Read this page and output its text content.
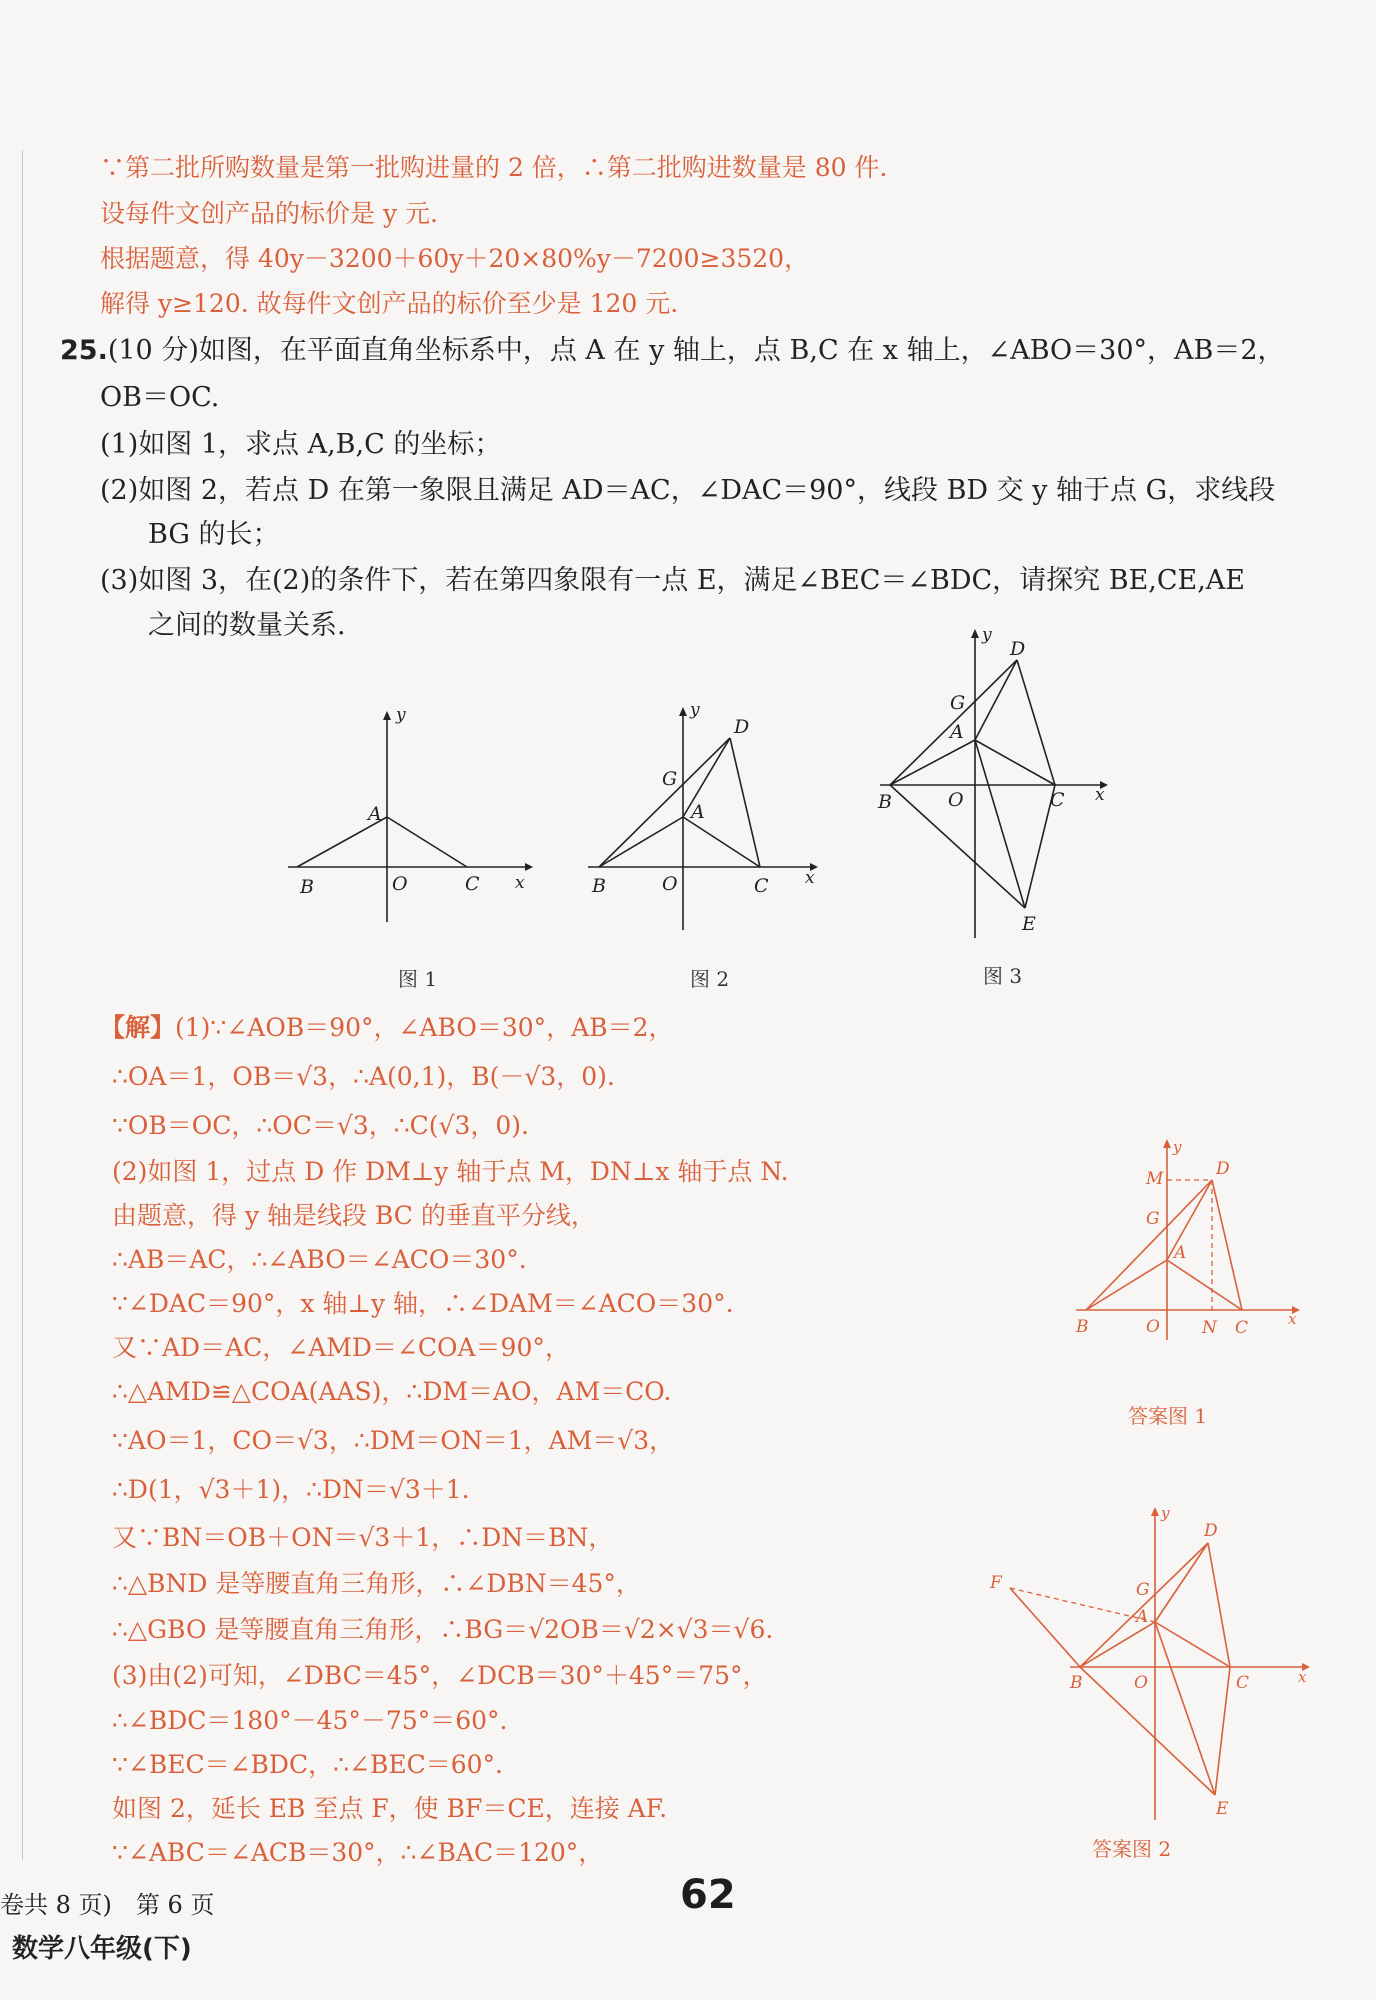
∵第二批所购数量是第一批购进量的 2 倍，∴第二批购进数量是 80 件.
设每件文创产品的标价是 y 元.
根据题意，得 40y－3200＋60y＋20×80%y－7200≥3520，
解得 y≥120. 故每件文创产品的标价至少是 120 元.
25.(10 分)如图，在平面直角坐标系中，点 A 在 y 轴上，点 B,C 在 x 轴上，∠ABO＝30°，AB＝2，
OB＝OC.
(1)如图 1，求点 A,B,C 的坐标；
(2)如图 2，若点 D 在第一象限且满足 AD＝AC，∠DAC＝90°，线段 BD 交 y 轴于点 G，求线段
BG 的长；
(3)如图 3，在(2)的条件下，若在第四象限有一点 E，满足∠BEC＝∠BDC，请探究 BE,CE,AE
之间的数量关系.
y
x
A
B	O	C
图 1
y
x
D
G
A
B	O	C
图 2
y
x
D
G
A
B	O	C
E
图 3
【解】(1)∵∠AOB＝90°，∠ABO＝30°，AB＝2，
∴OA＝1，OB＝√3，∴A(0,1)，B(－√3，0).
∵OB＝OC，∴OC＝√3，∴C(√3，0).
(2)如图 1，过点 D 作 DM⊥y 轴于点 M，DN⊥x 轴于点 N.
由题意，得 y 轴是线段 BC 的垂直平分线，
∴AB＝AC，∴∠ABO＝∠ACO＝30°.
∵∠DAC＝90°，x 轴⊥y 轴，∴∠DAM＝∠ACO＝30°.
又∵AD＝AC，∠AMD＝∠COA＝90°，
∴△AMD≌△COA(AAS)，∴DM＝AO，AM＝CO.
∵AO＝1，CO＝√3，∴DM＝ON＝1，AM＝√3，
∴D(1，√3＋1)，∴DN＝√3＋1.
又∵BN＝OB＋ON＝√3＋1，∴DN＝BN，
∴△BND 是等腰直角三角形，∴∠DBN＝45°，
∴△GBO 是等腰直角三角形，∴BG＝√2OB＝√2×√3＝√6.
(3)由(2)可知，∠DBC＝45°，∠DCB＝30°＋45°＝75°，
∴∠BDC＝180°－45°－75°＝60°.
∵∠BEC＝∠BDC，∴∠BEC＝60°.
如图 2，延长 EB 至点 F，使 BF＝CE，连接 AF.
∵∠ABC＝∠ACB＝30°，∴∠BAC＝120°，
y
x
M	D
G
A
B	O N C
答案图 1
y
x
F
D
G
A
B	O	C
E
答案图 2
卷共 8 页)　第 6 页
数学八年级(下)
62
